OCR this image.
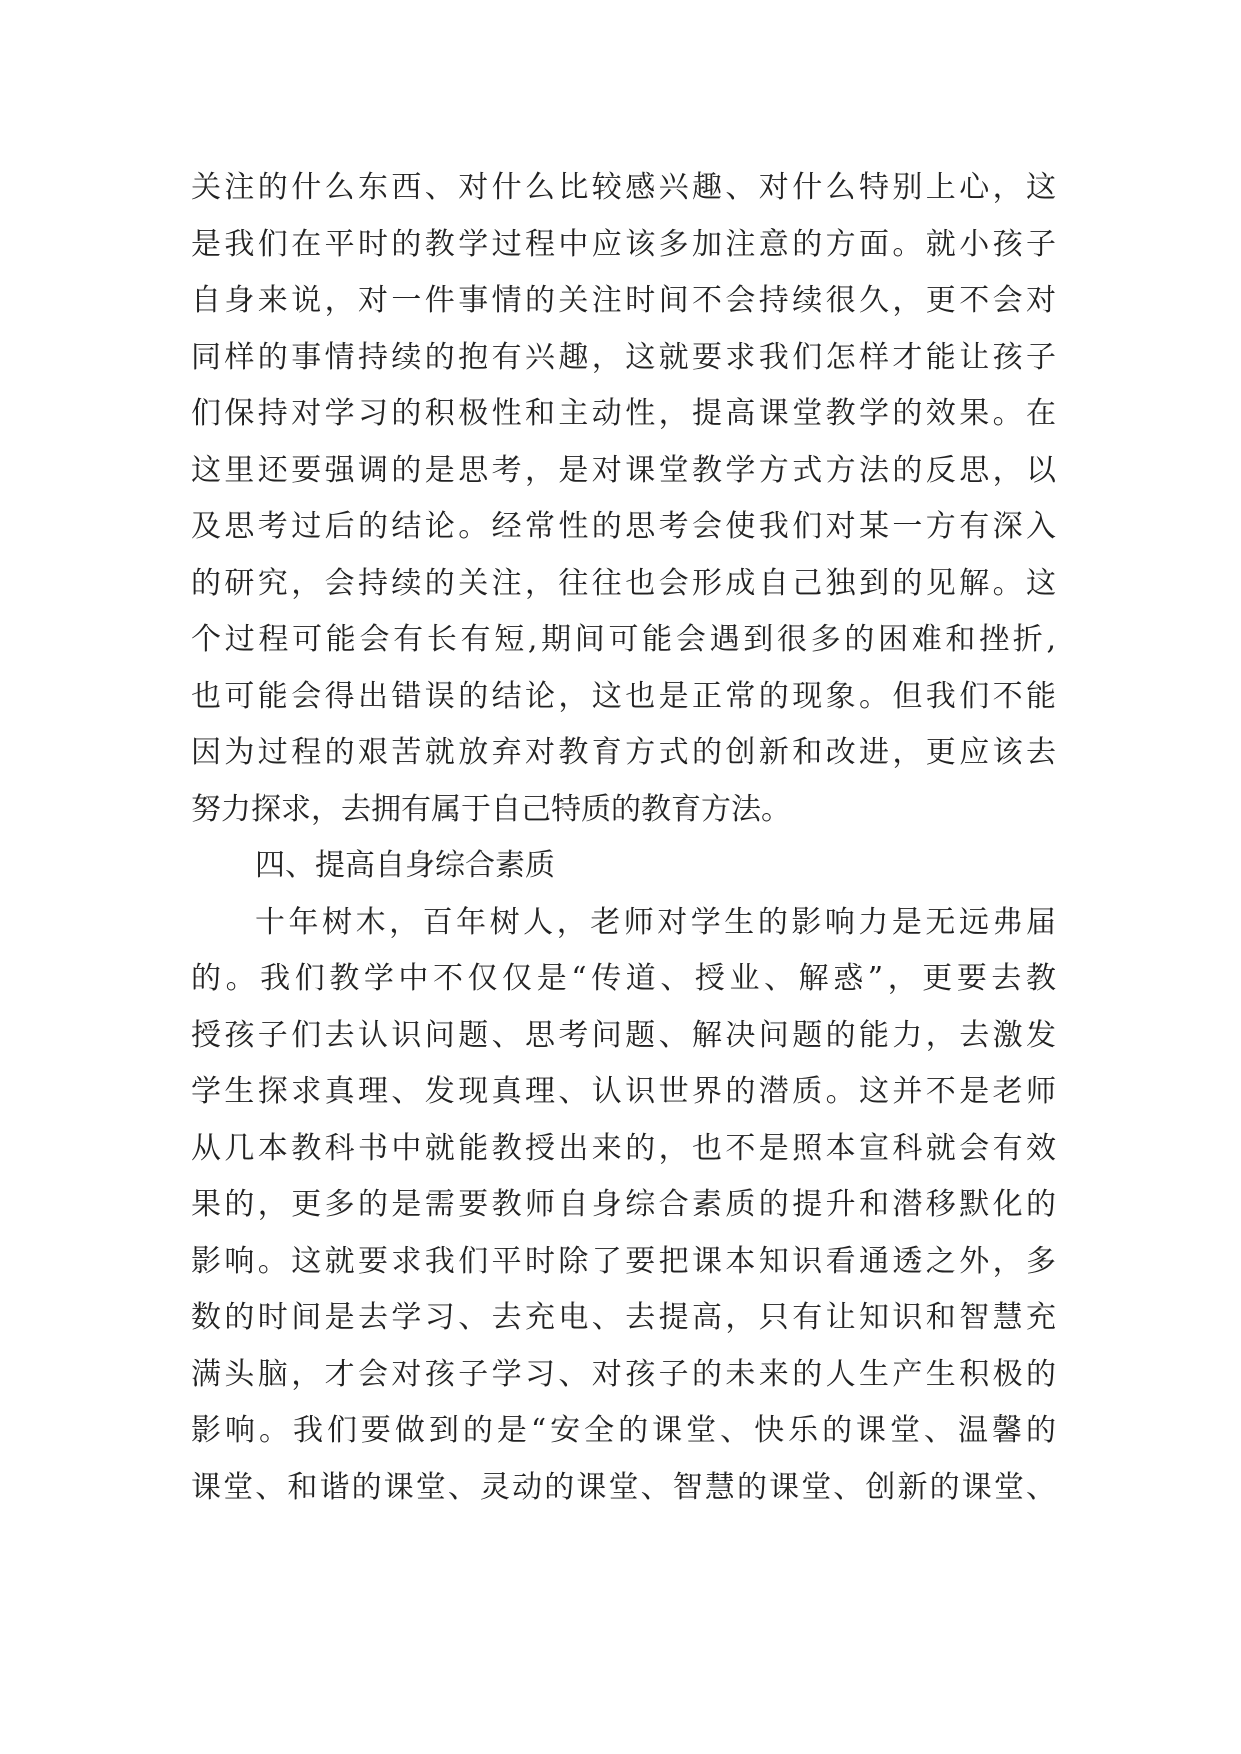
关注的什么东西、对什么比较感兴趣、对什么特别上心，这
是我们在平时的教学过程中应该多加注意的方面。就小孩子
自身来说，对一件事情的关注时间不会持续很久，更不会对
同样的事情持续的抱有兴趣，这就要求我们怎样才能让孩子
们保持对学习的积极性和主动性，提高课堂教学的效果。在
这里还要强调的是思考，是对课堂教学方式方法的反思，以
及思考过后的结论。经常性的思考会使我们对某一方有深入
的研究，会持续的关注，往往也会形成自己独到的见解。这
个过程可能会有长有短,期间可能会遇到很多的困难和挫折,
也可能会得出错误的结论，这也是正常的现象。但我们不能
因为过程的艰苦就放弃对教育方式的创新和改进，更应该去
努力探求，去拥有属于自己特质的教育方法。
四、提高自身综合素质
十年树木，百年树人，老师对学生的影响力是无远弗届
的。我们教学中不仅仅是“传道、授业、解惑”，更要去教
授孩子们去认识问题、思考问题、解决问题的能力，去激发
学生探求真理、发现真理、认识世界的潜质。这并不是老师
从几本教科书中就能教授出来的，也不是照本宣科就会有效
果的，更多的是需要教师自身综合素质的提升和潜移默化的
影响。这就要求我们平时除了要把课本知识看通透之外，多
数的时间是去学习、去充电、去提高，只有让知识和智慧充
满头脑，才会对孩子学习、对孩子的未来的人生产生积极的
影响。我们要做到的是“安全的课堂、快乐的课堂、温馨的
课堂、和谐的课堂、灵动的课堂、智慧的课堂、创新的课堂、
